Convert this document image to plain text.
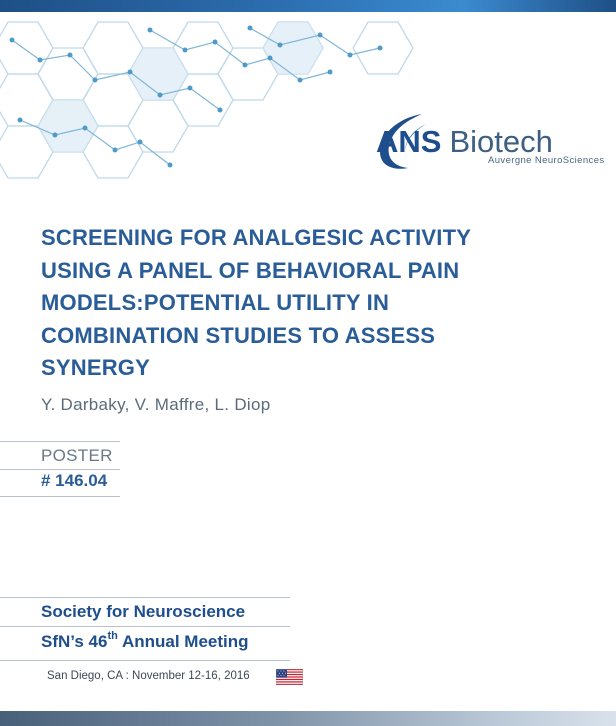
ANS Biotech
Auvergne NeuroSciences
SCREENING FOR ANALGESIC ACTIVITY USING A PANEL OF BEHAVIORAL PAIN MODELS:POTENTIAL UTILITY IN COMBINATION STUDIES TO ASSESS SYNERGY
Y. Darbaky, V. Maffre, L. Diop
POSTER
# 146.04
Society for Neuroscience
SfN’s 46th Annual Meeting
San Diego, CA : November 12-16, 2016
